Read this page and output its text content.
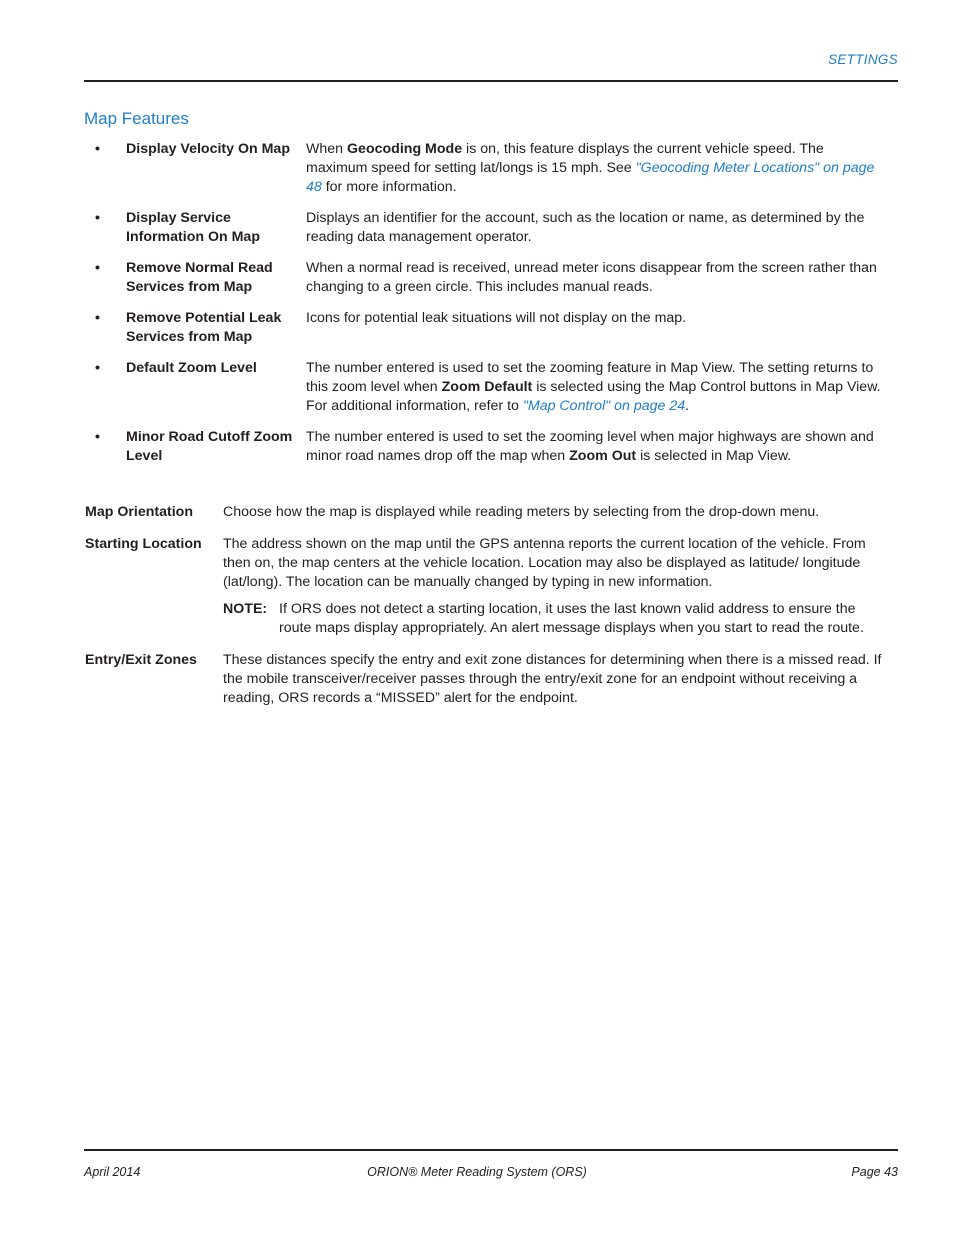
SETTINGS
Map Features
•	Display Velocity On Map	When Geocoding Mode is on, this feature displays the current vehicle speed. The maximum speed for setting lat/longs is 15 mph. See "Geocoding Meter Locations" on page 48 for more information.
•	Display Service Information On Map
Displays an identifier for the account, such as the location or name, as determined by the reading data management operator.
•	Remove Normal Read Services from Map
When a normal read is received, unread meter icons disappear from the screen rather than changing to a green circle. This includes manual reads.
•	Remove Potential Leak Services from Map
Icons for potential leak situations will not display on the map.
•	Default Zoom Level	The number entered is used to set the zooming feature in Map View. The setting returns to this zoom level when Zoom Default is selected using the Map Control buttons in Map View. For additional information, refer to "Map Control" on page 24.
•	Minor Road Cutoff Zoom Level
The number entered is used to set the zooming level when major highways are shown and minor road names drop off the map when Zoom Out is selected in Map View.
Map Orientation	Choose how the map is displayed while reading meters by selecting from the drop-down menu.
Starting Location	The address shown on the map until the GPS antenna reports the current location of the vehicle. From then on, the map centers at the vehicle location. Location may also be displayed as latitude/ longitude (lat/long). The location can be manually changed by typing in new information.
NOTE: If ORS does not detect a starting location, it uses the last known valid address to ensure the route maps display appropriately. An alert message displays when you start to read the route.
Entry/Exit Zones	These distances specify the entry and exit zone distances for determining when there is a missed read. If the mobile transceiver/receiver passes through the entry/exit zone for an endpoint without receiving a reading, ORS records a “MISSED” alert for the endpoint.
April 2014	ORION® Meter Reading System (ORS)	Page 43
